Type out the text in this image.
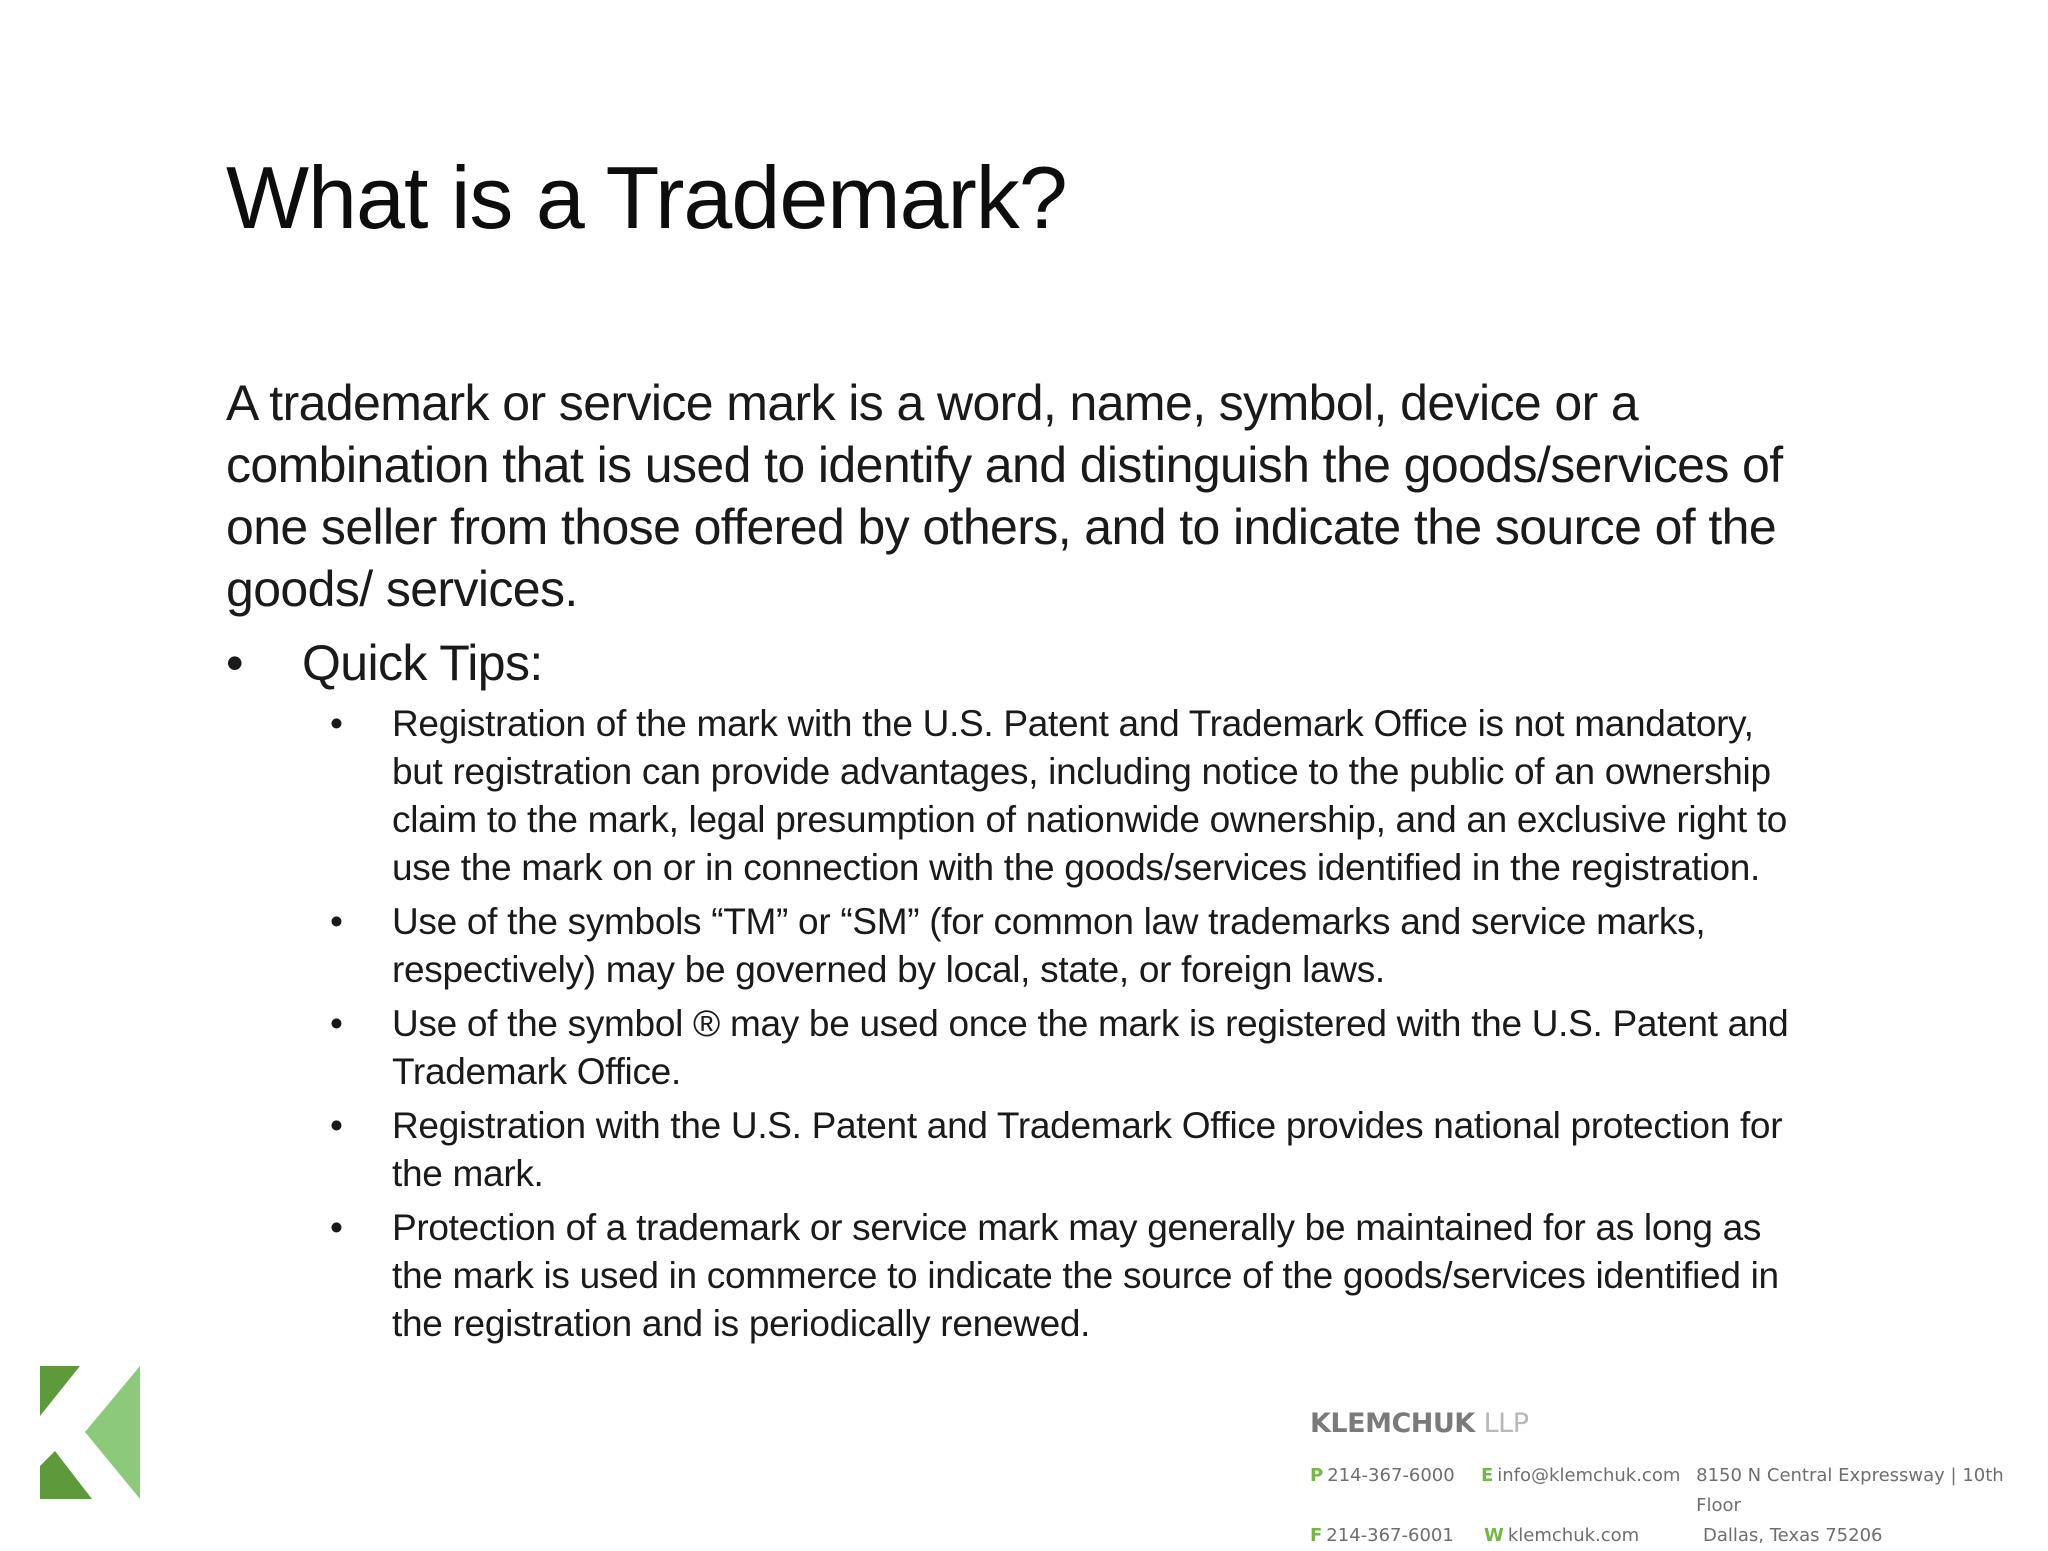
What is a Trademark?

A trademark or service mark is a word, name, symbol, device or a combination that is used to identify and distinguish the goods/services of one seller from those offered by others, and to indicate the source of the goods/ services.

• Quick Tips:
•	Registration of the mark with the U.S. Patent and Trademark Office is not mandatory, but registration can provide advantages, including notice to the public of an ownership claim to the mark, legal presumption of nationwide ownership, and an exclusive right to use the mark on or in connection with the goods/services identified in the registration.
•	Use of the symbols “TM” or “SM” (for common law trademarks and service marks, respectively) may be governed by local, state, or foreign laws.
•	Use of the symbol ® may be used once the mark is registered with the U.S. Patent and Trademark Office.
•	Registration with the U.S. Patent and Trademark Office provides national protection for the mark.
•	Protection of a trademark or service mark may generally be maintained for as long as the mark is used in commerce to indicate the source of the goods/services identified in the registration and is periodically renewed.
KLEMCHUK LLP
P 214-367-6000	E info@klemchuk.com 8150 N Central Expressway | 10th Floor
F 214-367-6001	W klemchuk.com	Dallas, Texas 75206
